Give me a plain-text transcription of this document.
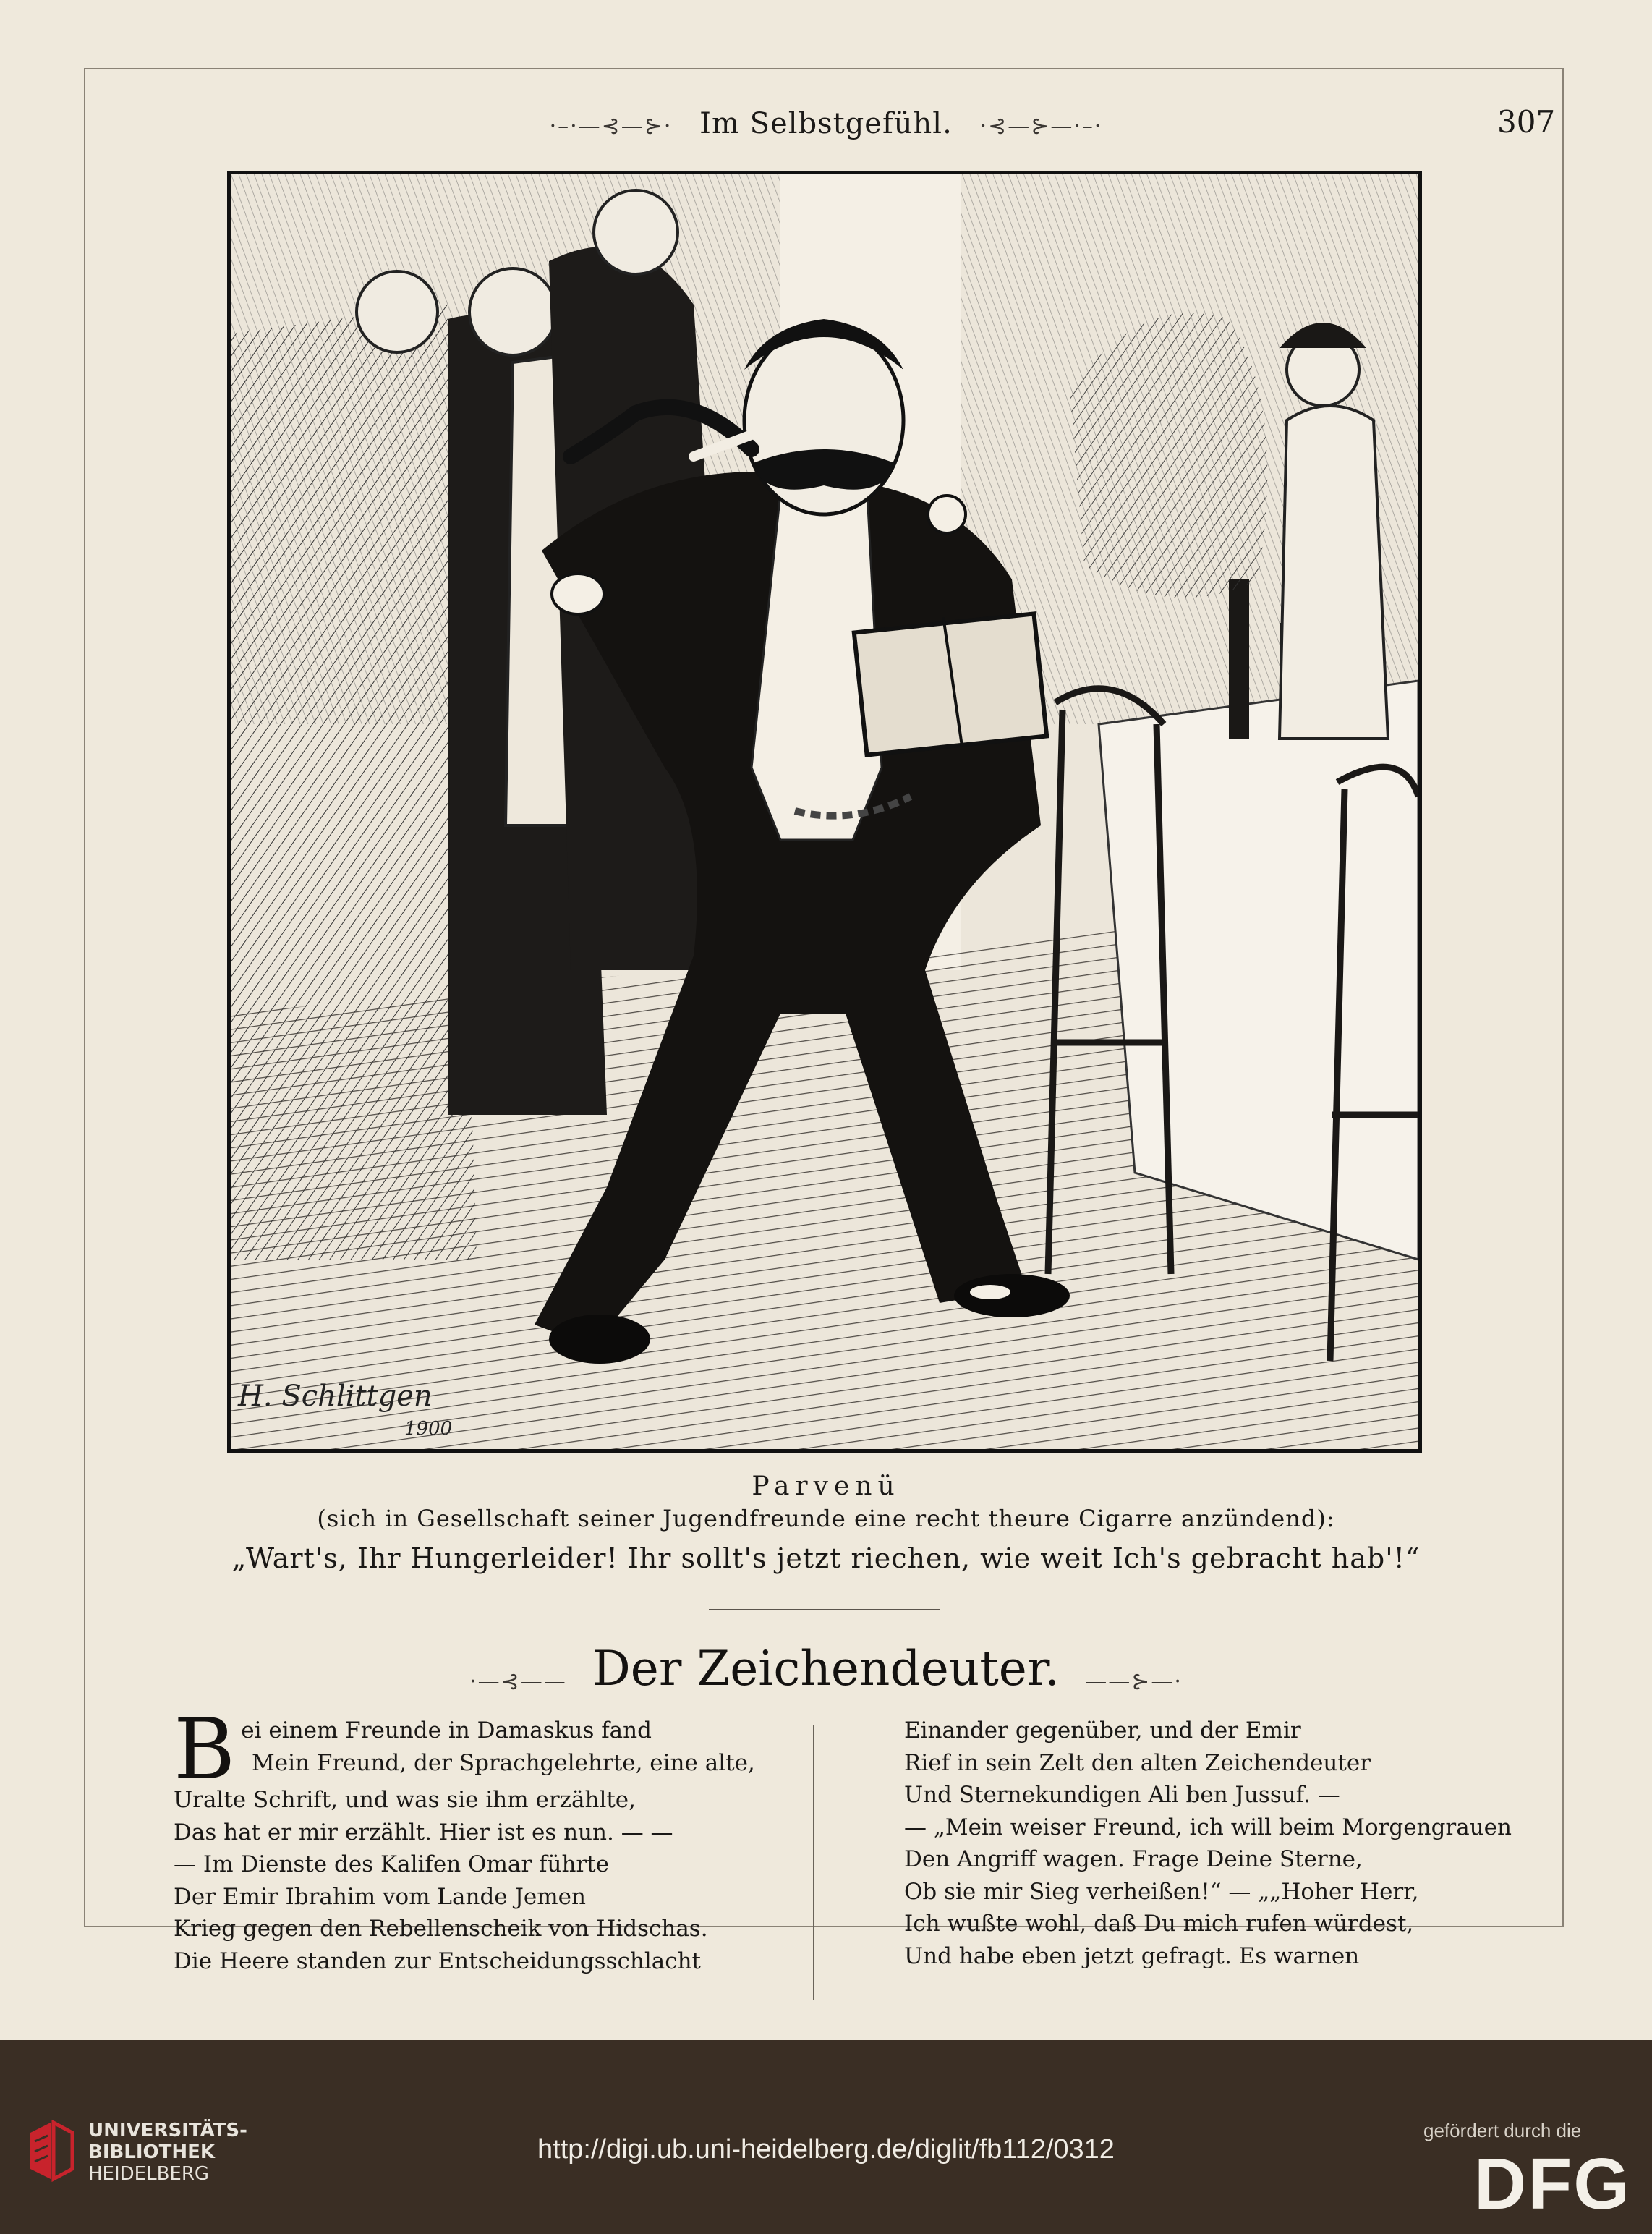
·–·—⊰—⊱· Im Selbstgefühl. ·⊰—⊱—·–·	307
H. Schlittgen
1900
Parvenü
(sich in Gesellschaft seiner Jugendfreunde eine recht theure Cigarre anzündend):
„Wart's, Ihr Hungerleider! Ihr sollt's jetzt riechen, wie weit Ich's gebracht hab'!“
·—⊰—— Der Zeichendeuter. ——⊱—·
B ei einem Freunde in Damaskus fand
Mein Freund, der Sprachgelehrte, eine alte,
Uralte Schrift, und was sie ihm erzählte,
Das hat er mir erzählt. Hier ist es nun. — —
— Im Dienste des Kalifen Omar führte
Der Emir Ibrahim vom Lande Jemen
Krieg gegen den Rebellenscheik von Hidschas.
Die Heere standen zur Entscheidungsschlacht
Einander gegenüber, und der Emir
Rief in sein Zelt den alten Zeichendeuter
Und Sternekundigen Ali ben Jussuf. —
— „Mein weiser Freund, ich will beim Morgengrauen
Den Angriff wagen. Frage Deine Sterne,
Ob sie mir Sieg verheißen!“ — „„Hoher Herr,
Ich wußte wohl, daß Du mich rufen würdest,
Und habe eben jetzt gefragt. Es warnen
UNIVERSITÄTS-
BIBLIOTHEK
HEIDELBERG
http://digi.ub.uni-heidelberg.de/diglit/fb112/0312
gefördert durch die
DFG
